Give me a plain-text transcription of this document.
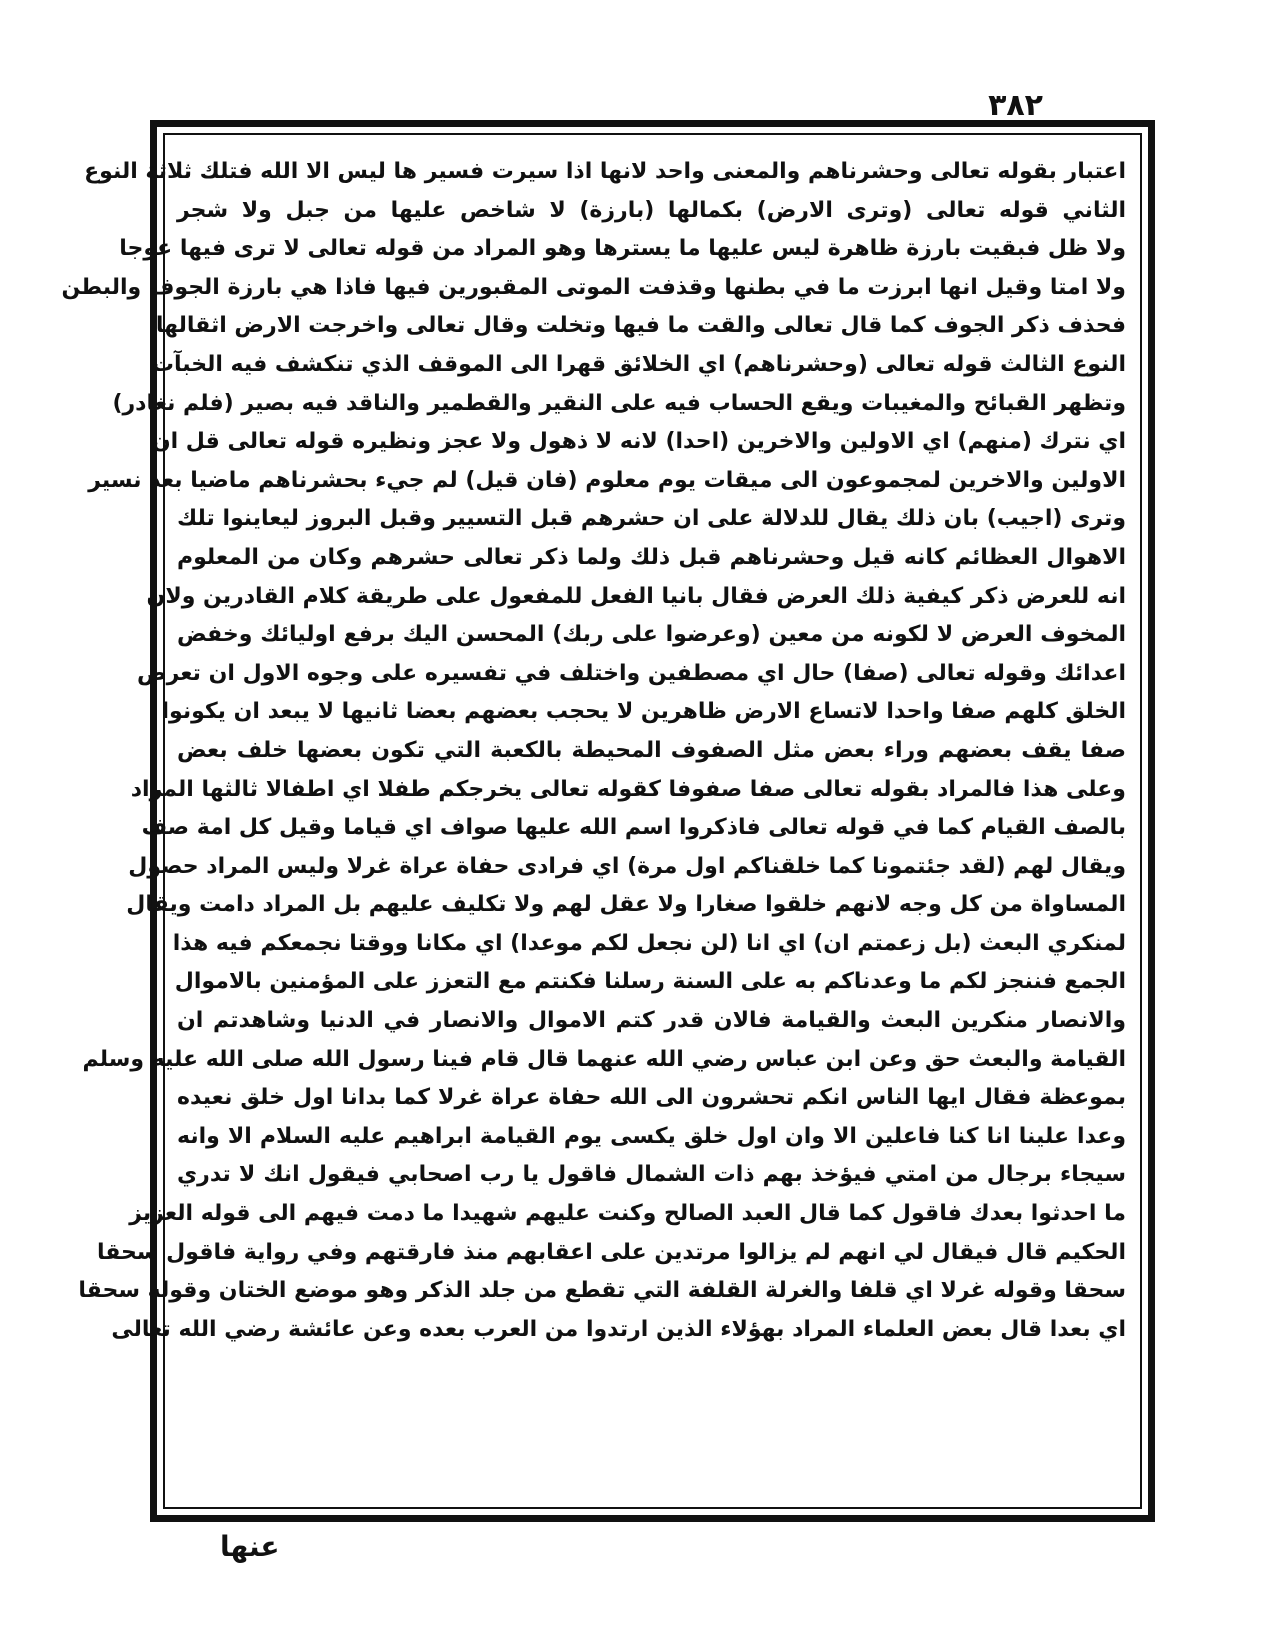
٣٨٢
اعتبار بقوله تعالى وحشرناهم والمعنى واحد لانها اذا سيرت فسير ها ليس الا الله فتلك ثلاثة النوع
الثاني قوله تعالى (وترى الارض) بكمالها (بارزة) لا شاخص عليها من جبل ولا شجر
ولا ظل فبقيت بارزة ظاهرة ليس عليها ما يسترها وهو المراد من قوله تعالى لا ترى فيها عوجا
ولا امتا وقيل انها ابرزت ما في بطنها وقذفت الموتى المقبورين فيها فاذا هي بارزة الجوف والبطن
فحذف ذكر الجوف كما قال تعالى والقت ما فيها وتخلت وقال تعالى واخرجت الارض اثقالها
النوع الثالث قوله تعالى (وحشرناهم) اي الخلائق قهرا الى الموقف الذي تنكشف فيه الخبآت
وتظهر القبائح والمغيبات ويقع الحساب فيه على النقير والقطمير والناقد فيه بصير (فلم نغادر)
اي نترك (منهم) اي الاولين والاخرين (احدا) لانه لا ذهول ولا عجز ونظيره قوله تعالى قل ان
الاولين والاخرين لمجموعون الى ميقات يوم معلوم (فان قيل) لم جيء بحشرناهم ماضيا بعد نسير
وترى (اجيب) بان ذلك يقال للدلالة على ان حشرهم قبل التسيير وقبل البروز ليعاينوا تلك
الاهوال العظائم كانه قيل وحشرناهم قبل ذلك ولما ذكر تعالى حشرهم وكان من المعلوم
انه للعرض ذكر كيفية ذلك العرض فقال بانيا الفعل للمفعول على طريقة كلام القادرين ولان
المخوف العرض لا لكونه من معين (وعرضوا على ربك) المحسن اليك برفع اوليائك وخفض
اعدائك وقوله تعالى (صفا) حال اي مصطفين واختلف في تفسيره على وجوه الاول ان تعرض
الخلق كلهم صفا واحدا لاتساع الارض ظاهرين لا يحجب بعضهم بعضا ثانيها لا يبعد ان يكونوا
صفا يقف بعضهم وراء بعض مثل الصفوف المحيطة بالكعبة التي تكون بعضها خلف بعض
وعلى هذا فالمراد بقوله تعالى صفا صفوفا كقوله تعالى يخرجكم طفلا اي اطفالا ثالثها المراد
بالصف القيام كما في قوله تعالى فاذكروا اسم الله عليها صواف اي قياما وقيل كل امة صف
ويقال لهم (لقد جئتمونا كما خلقناكم اول مرة) اي فرادى حفاة عراة غرلا وليس المراد حصول
المساواة من كل وجه لانهم خلقوا صغارا ولا عقل لهم ولا تكليف عليهم بل المراد دامت ويقال
لمنكري البعث (بل زعمتم ان) اي انا (لن نجعل لكم موعدا) اي مكانا ووقتا نجمعكم فيه هذا
الجمع فننجز لكم ما وعدناكم به على السنة رسلنا فكنتم مع التعزز على المؤمنين بالاموال
والانصار منكرين البعث والقيامة فالان قدر كتم الاموال والانصار في الدنيا وشاهدتم ان
القيامة والبعث حق وعن ابن عباس رضي الله عنهما قال قام فينا رسول الله صلى الله عليه وسلم
بموعظة فقال ايها الناس انكم تحشرون الى الله حفاة عراة غرلا كما بدانا اول خلق نعيده
وعدا علينا انا كنا فاعلين الا وان اول خلق يكسى يوم القيامة ابراهيم عليه السلام الا وانه
سيجاء برجال من امتي فيؤخذ بهم ذات الشمال فاقول يا رب اصحابي فيقول انك لا تدري
ما احدثوا بعدك فاقول كما قال العبد الصالح وكنت عليهم شهيدا ما دمت فيهم الى قوله العزيز
الحكيم قال فيقال لي انهم لم يزالوا مرتدين على اعقابهم منذ فارقتهم وفي رواية فاقول سحقا
سحقا وقوله غرلا اي قلفا والغرلة القلفة التي تقطع من جلد الذكر وهو موضع الختان وقوله سحقا
اي بعدا قال بعض العلماء المراد بهؤلاء الذين ارتدوا من العرب بعده وعن عائشة رضي الله تعالى
عنها
